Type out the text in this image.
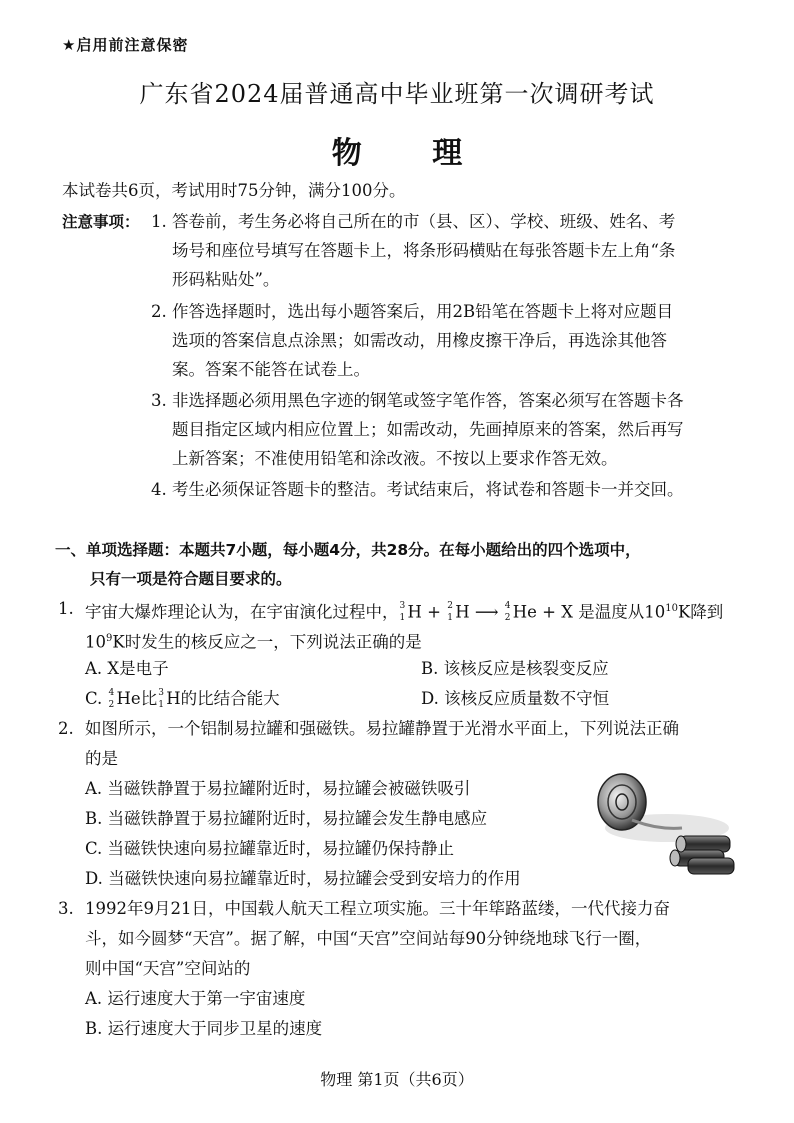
★启用前注意保密
广东省2024届普通高中毕业班第一次调研考试
物 理
本试卷共6页，考试用时75分钟，满分100分。
注意事项： 1. 答卷前，考生务必将自己所在的市（县、区）、学校、班级、姓名、考
场号和座位号填写在答题卡上，将条形码横贴在每张答题卡左上角“条
形码粘贴处”。
2. 作答选择题时，选出每小题答案后，用2B铅笔在答题卡上将对应题目
选项的答案信息点涂黑；如需改动，用橡皮擦干净后，再选涂其他答
案。答案不能答在试卷上。
3. 非选择题必须用黑色字迹的钢笔或签字笔作答，答案必须写在答题卡各
题目指定区域内相应位置上；如需改动，先画掉原来的答案，然后再写
上新答案；不准使用铅笔和涂改液。不按以上要求作答无效。
4. 考生必须保证答题卡的整洁。考试结束后，将试卷和答题卡一并交回。
一、单项选择题：本题共7小题，每小题4分，共28分。在每小题给出的四个选项中，
只有一项是符合题目要求的。
1. 宇宙大爆炸理论认为，在宇宙演化过程中， 3
1 H + 2
1 H ⟶ 4
2 He + X 是温度从$10^{10}K$降到
$10^9K$时发生的核反应之一，下列说法正确的是
A. X是电子	B. 该核反应是核裂变反应
C. 4
2 He比 3
1 H的比结合能大	D. 该核反应质量数不守恒
2. 如图所示，一个铝制易拉罐和强磁铁。易拉罐静置于光滑水平面上，下列说法正确
的是
A. 当磁铁静置于易拉罐附近时，易拉罐会被磁铁吸引
B. 当磁铁静置于易拉罐附近时，易拉罐会发生静电感应
C. 当磁铁快速向易拉罐靠近时，易拉罐仍保持静止
D. 当磁铁快速向易拉罐靠近时，易拉罐会受到安培力的作用
3. 1992年9月21日，中国载人航天工程立项实施。三十年筚路蓝缕，一代代接力奋
斗，如今圆梦“天宫”。据了解，中国“天宫”空间站每90分钟绕地球飞行一圈，
则中国“天宫”空间站的
A. 运行速度大于第一宇宙速度
B. 运行速度大于同步卫星的速度
物理 第1页（共6页）
